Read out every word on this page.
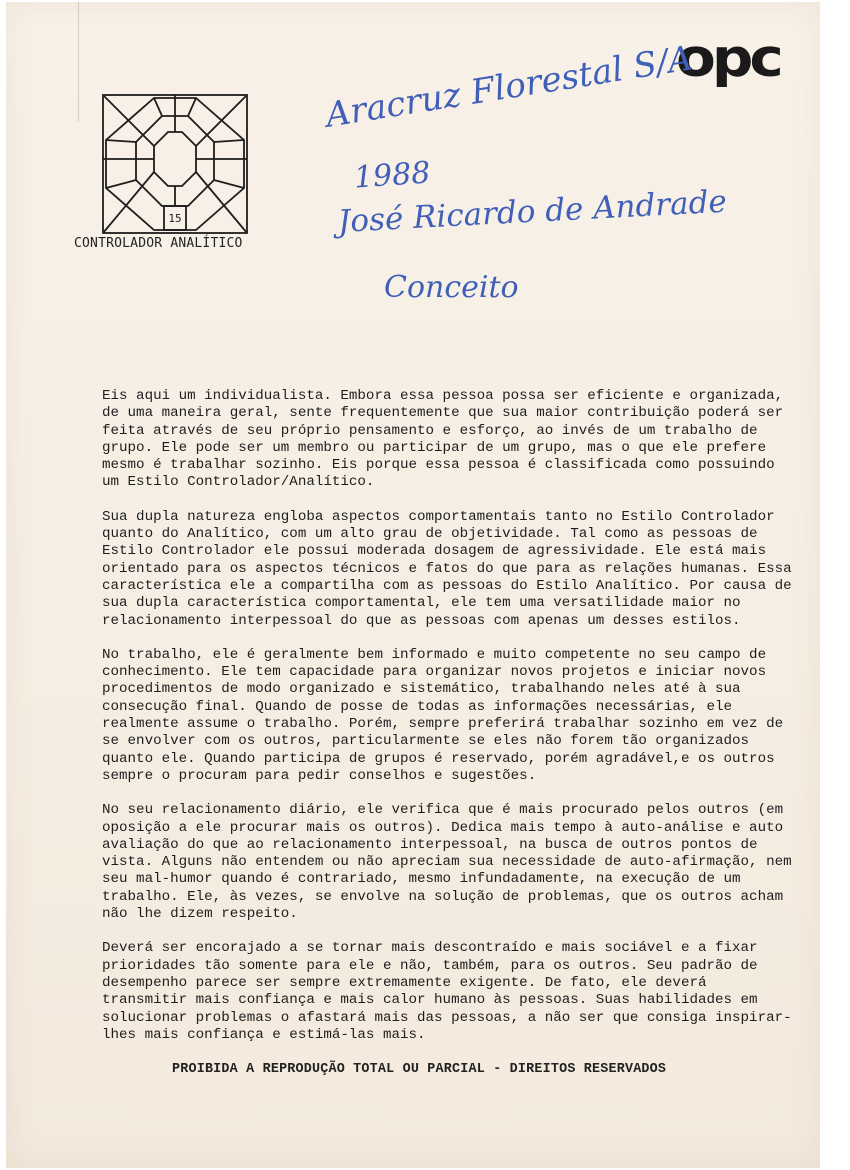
opc
15
CONTROLADOR ANALÍTICO
Aracruz Florestal S/A
1988
José Ricardo de Andrade
Conceito

Eis aqui um individualista. Embora essa pessoa possa ser eficiente e organizada, de uma maneira geral, sente frequentemente que sua maior contribuição poderá ser feita através de seu próprio pensamento e esforço, ao invés de um trabalho de grupo. Ele pode ser um membro ou participar de um grupo, mas o que ele prefere mesmo é trabalhar sozinho. Eis porque essa pessoa é classificada como possuindo um Estilo Controlador/Analítico.

Sua dupla natureza engloba aspectos comportamentais tanto no Estilo Controlador quanto do Analítico, com um alto grau de objetividade. Tal como as pessoas de Estilo Controlador ele possui moderada dosagem de agressividade. Ele está mais orientado para os aspectos técnicos e fatos do que para as relações humanas. Essa característica ele a compartilha com as pessoas do Estilo Analítico. Por causa de sua dupla característica comportamental, ele tem uma versatilidade maior no relacionamento interpessoal do que as pessoas com apenas um desses estilos.

No trabalho, ele é geralmente bem informado e muito competente no seu campo de conhecimento. Ele tem capacidade para organizar novos projetos e iniciar novos procedimentos de modo organizado e sistemático, trabalhando neles até à sua consecução final. Quando de posse de todas as informações necessárias, ele realmente assume o trabalho. Porém, sempre preferirá trabalhar sozinho em vez de se envolver com os outros, particularmente se eles não forem tão organizados quanto ele. Quando participa de grupos é reservado, porém agradável,e os outros sempre o procuram para pedir conselhos e sugestões.

No seu relacionamento diário, ele verifica que é mais procurado pelos outros (em oposição a ele procurar mais os outros). Dedica mais tempo à auto-análise e auto avaliação do que ao relacionamento interpessoal, na busca de outros pontos de vista. Alguns não entendem ou não apreciam sua necessidade de auto-afirmação, nem seu mal-humor quando é contrariado, mesmo infundadamente, na execução de um trabalho. Ele, às vezes, se envolve na solução de problemas, que os outros acham não lhe dizem respeito.

Deverá ser encorajado a se tornar mais descontraído e mais sociável e a fixar prioridades tão somente para ele e não, também, para os outros. Seu padrão de desempenho parece ser sempre extremamente exigente. De fato, ele deverá transmitir mais confiança e mais calor humano às pessoas. Suas habilidades em solucionar problemas o afastará mais das pessoas, a não ser que consiga inspirar-lhes mais confiança e estimá-las mais.

PROIBIDA A REPRODUÇÃO TOTAL OU PARCIAL - DIREITOS RESERVADOS
